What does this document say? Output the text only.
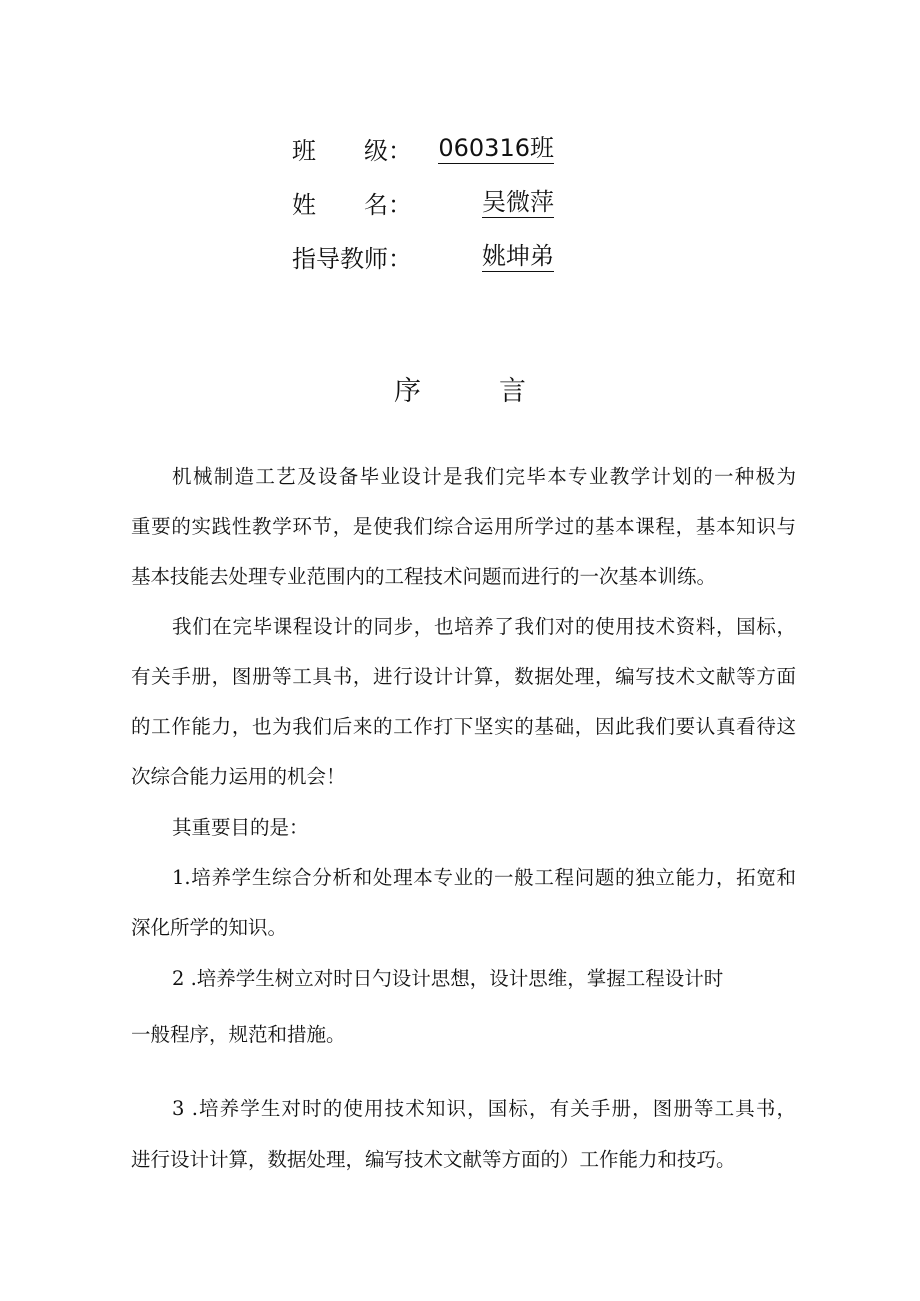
班　　级： 060316班
姓　　名：	吴微萍
指导教师：	姚坤弟
序	言
机械制造工艺及设备毕业设计是我们完毕本专业教学计划的一种极为
重要的实践性教学环节，是使我们综合运用所学过的基本课程，基本知识与
基本技能去处理专业范围内的工程技术问题而进行的一次基本训练。
我们在完毕课程设计的同步，也培养了我们对的使用技术资料，国标，
有关手册，图册等工具书，进行设计计算，数据处理，编写技术文献等方面
的工作能力，也为我们后来的工作打下坚实的基础，因此我们要认真看待这
次综合能力运用的机会！
其重要目的是：
1.培养学生综合分析和处理本专业的一般工程问题的独立能力，拓宽和
深化所学的知识。
2 .培养学生树立对时日勺设计思想，设计思维，掌握工程设计时
一般程序，规范和措施。
3 .培养学生对时的使用技术知识，国标，有关手册，图册等工具书，
进行设计计算，数据处理，编写技术文献等方面的）工作能力和技巧。
